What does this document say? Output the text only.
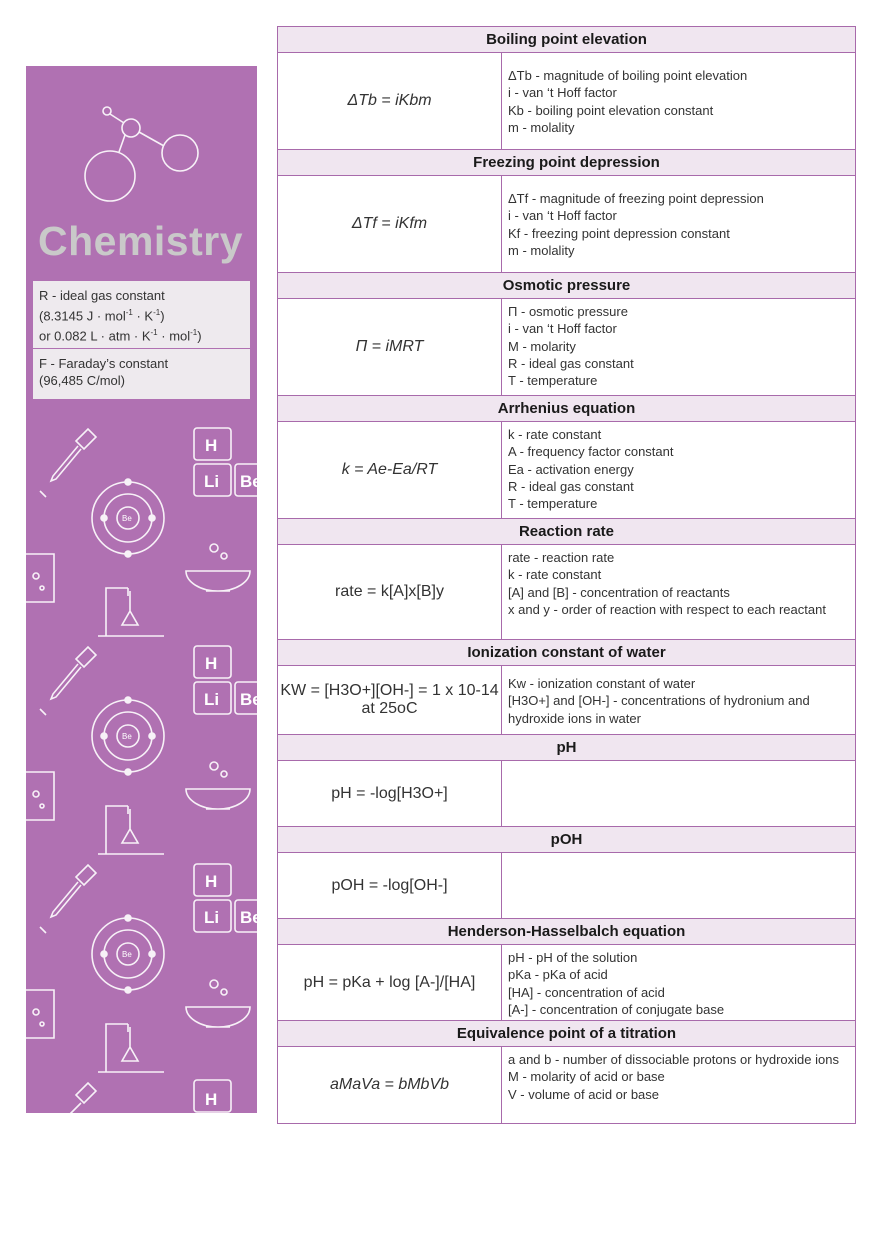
H
Li Be
H
Li Be
H
Li Be
H
Be
Be
Be
Chemistry
R - ideal gas constant
(8.3145 $J \cdot mol^{-1} \cdot K^{-1}$)
or 0.082 L · atm · $K^{-1} \cdot mol^{-1}$)
F - Faraday’s constant
(96,485 C/mol)
Boiling point elevation
ΔTb = iKbm
ΔTb - magnitude of boiling point elevation
i - van ‘t Hoff factor
Kb - boiling point elevation constant
m - molality
Freezing point depression
ΔTf = iKfm
ΔTf - magnitude of freezing point depression
i - van ‘t Hoff factor
Kf - freezing point depression constant
m - molality
Osmotic pressure
Π = iMRT
Π - osmotic pressure
i - van ‘t Hoff factor
M - molarity
R - ideal gas constant
T - temperature
Arrhenius equation
k = Ae-Ea/RT
k - rate constant
A - frequency factor constant
Ea - activation energy
R - ideal gas constant
T - temperature
Reaction rate
rate = k[A]x[B]y
rate - reaction rate
k - rate constant
[A] and [B] - concentration of reactants
x and y - order of reaction with respect to each reactant
Ionization constant of water
KW = [H3O+][OH-] = 1 x 10-14
at 25oC
Kw - ionization constant of water
[H3O+] and [OH-] - concentrations of hydronium and hydroxide ions in water
pH
pH = -log[H3O+]
pOH
pOH = -log[OH-]
Henderson-Hasselbalch equation
pH = pKa + log [A-]/[HA]
pH - pH of the solution
pKa - pKa of acid
[HA] - concentration of acid
[A-] - concentration of conjugate base
Equivalence point of a titration
aMaVa = bMbVb
a and b - number of dissociable protons or hydroxide ions
M - molarity of acid or base
V - volume of acid or base
